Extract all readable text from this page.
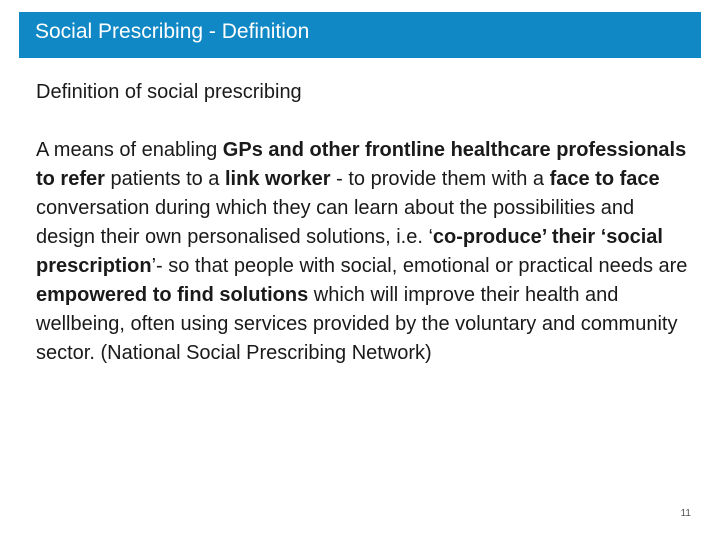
Social Prescribing - Definition
Definition of social prescribing
A means of enabling GPs and other frontline healthcare professionals to refer patients to a link worker - to provide them with a face to face conversation during which they can learn about the possibilities and design their own personalised solutions, i.e. ‘co-produce’ their ‘social prescription’- so that people with social, emotional or practical needs are empowered to find solutions which will improve their health and wellbeing, often using services provided by the voluntary and community sector. (National Social Prescribing Network)
11
